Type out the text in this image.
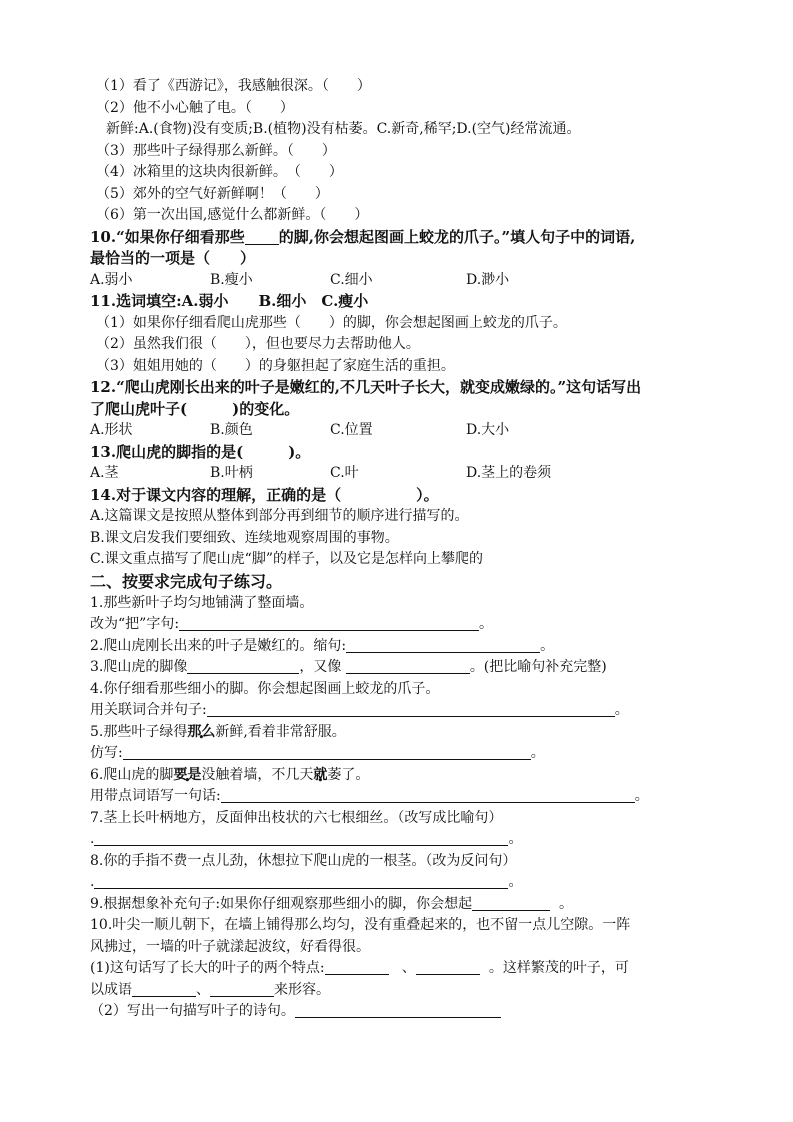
（1）看了《西游记》，我感触很深。（　　）
（2）他不小心触了电。（　　）
新鲜:A.(食物)没有变质;B.(植物)没有枯萎。C.新奇,稀罕;D.(空气)经常流通。
（3）那些叶子绿得那么新鲜。（　　）
（4）冰箱里的这块肉很新鲜。　（　　）
（5）郊外的空气好新鲜啊！（　　）
（6）第一次出国,感觉什么都新鲜。（　　）
10.“如果你仔细看那些 的脚,你会想起图画上蛟龙的爪子。”填人句子中的词语,
最恰当的一项是（　　）
A.弱小	B.瘦小	C.细小	D.渺小
11.选词填空:A.弱小　　B.细小　C.瘦小
（1）如果你仔细看爬山虎那些（　　）的脚，你会想起图画上蛟龙的爪子。
（2）虽然我们很（　　），但也要尽力去帮助他人。
（3）姐姐用她的（　　）的身躯担起了家庭生活的重担。
12.“爬山虎刚长出来的叶子是嫩红的,不几天叶子长大，就变成嫩绿的。”这句话写出
了爬山虎叶子(　　　)的变化。
A.形状	B.颜色	C.位置	D.大小
13.爬山虎的脚指的是(　　　)。
A.茎	B.叶柄	C.叶	D.茎上的卷须
14.对于课文内容的理解，正确的是（　　　　　）。
A.这篇课文是按照从整体到部分再到细节的顺序进行描写的。
B.课文启发我们要细致、连续地观察周围的事物。
C.课文重点描写了爬山虎“脚”的样子，以及它是怎样向上攀爬的
二、按要求完成句子练习。
1.那些新叶子均匀地铺满了整面墙。
改为“把”字句:	。
2.爬山虎刚长出来的叶子是嫩红的。缩句:	。
3.爬山虎的脚像	，又像	。(把比喻句补充完整)
4.你仔细看那些细小的脚。你会想起图画上蛟龙的爪子。
用关联词合并句子:	。
5.那些叶子绿得那么新鲜,看着非常舒服。
仿写:	。
6.爬山虎的脚要是没触着墙，不几天就萎了。
用带点词语写一句话:	。
7.茎上长叶柄地方，反面伸出枝状的六七根细丝。（改写成比喻句）
.	。
8.你的手指不费一点儿劲，休想拉下爬山虎的一根茎。（改为反问句）
.	。
9.根据想象补充句子:如果你仔细观察那些细小的脚，你会想起	。
10.叶尖一顺儿朝下，在墙上铺得那么均匀，没有重叠起来的，也不留一点儿空隙。一阵
风拂过，一墙的叶子就漾起波纹，好看得很。
(1)这句话写了长大的叶子的两个特点:	、	。这样繁茂的叶子，可
以成语	、	来形容。
（2）写出一句描写叶子的诗句。
